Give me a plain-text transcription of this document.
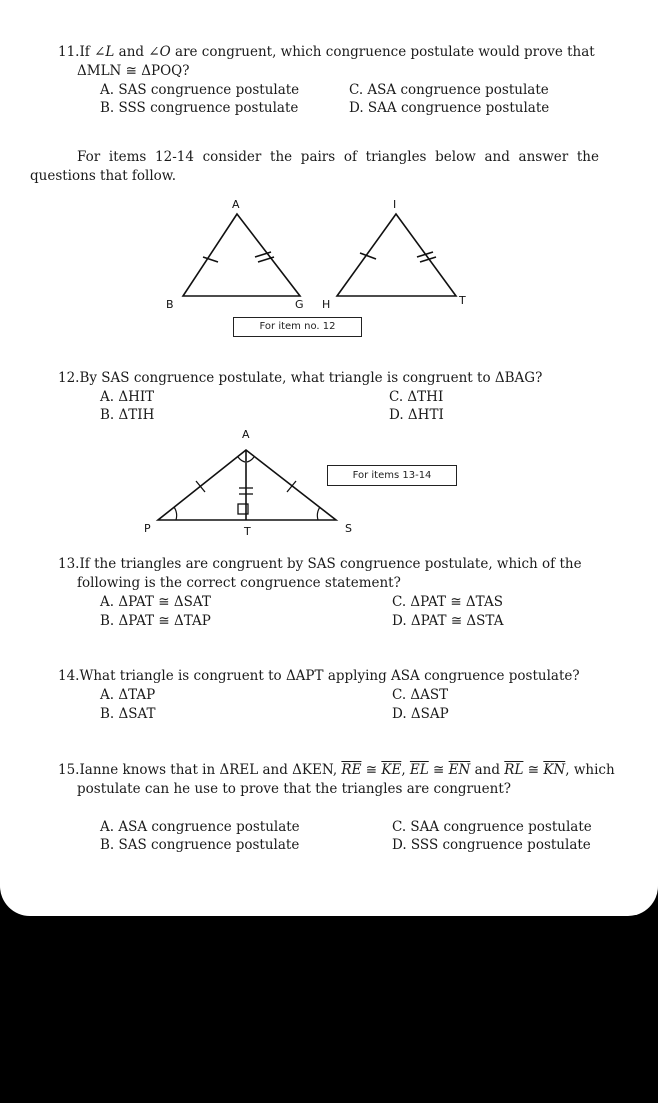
11.If ∠L and ∠O are congruent, which congruence postulate would prove that
ΔMLN ≅ ΔPOQ?
A. SAS congruence postulate
B. SSS congruence postulate
C. ASA congruence postulate
D. SAA congruence postulate
For items 12-14 consider the pairs of triangles below and answer the
questions that follow.
A
B	G H
I
T
For item no. 12
12.By SAS congruence postulate, what triangle is congruent to ΔBAG?
A. ΔHIT
B. ΔTIH
C. ΔTHI
D. ΔHTI
A
P	T	S
For items 13-14
13.If the triangles are congruent by SAS congruence postulate, which of the
following is the correct congruence statement?
A. ΔPAT ≅ ΔSAT
B. ΔPAT ≅ ΔTAP
C. ΔPAT ≅ ΔTAS
D. ΔPAT ≅ ΔSTA
14.What triangle is congruent to ΔAPT applying ASA congruence postulate?
A. ΔTAP
B. ΔSAT
C. ΔAST
D. ΔSAP
15.Ianne knows that in ΔREL and ΔKEN, $\overline{RE}$ ≅ $\overline{KE}$, $\overline{EL}$ ≅ $\overline{EN}$ and $\overline{RL}$ ≅ $\overline{KN}$, which
postulate can he use to prove that the triangles are congruent?
A. ASA congruence postulate
B. SAS congruence postulate
C. SAA congruence postulate
D. SSS congruence postulate
